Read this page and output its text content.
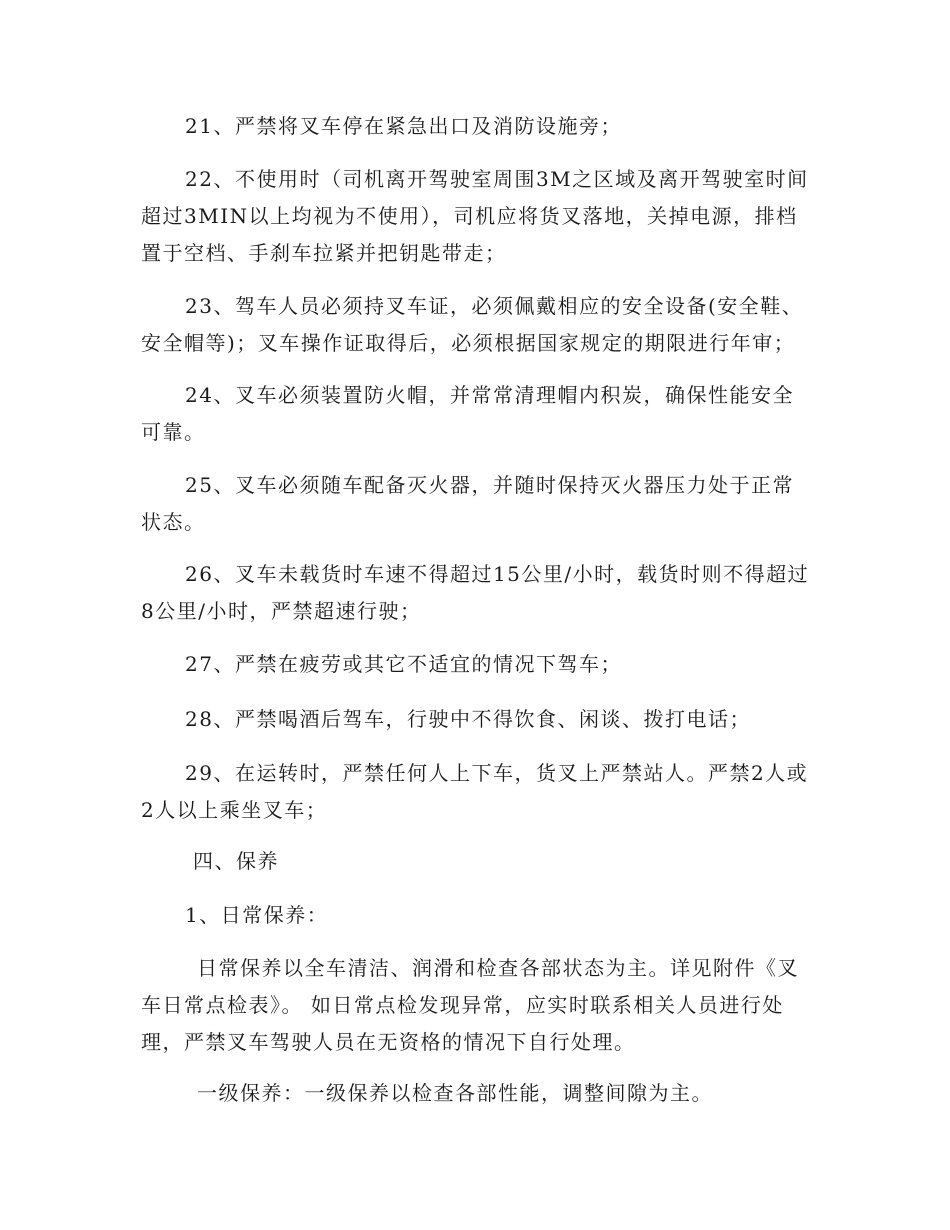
21、严禁将叉车停在紧急出口及消防设施旁；

22、不使用时（司机离开驾驶室周围3M之区域及离开驾驶室时间超过3MIN以上均视为不使用），司机应将货叉落地，关掉电源，排档置于空档、手刹车拉紧并把钥匙带走；

23、驾车人员必须持叉车证，必须佩戴相应的安全设备(安全鞋、安全帽等)；叉车操作证取得后，必须根据国家规定的期限进行年审；

24、叉车必须装置防火帽，并常常清理帽内积炭，确保性能安全可靠。

25、叉车必须随车配备灭火器，并随时保持灭火器压力处于正常状态。

26、叉车未载货时车速不得超过15公里/小时，载货时则不得超过8公里/小时，严禁超速行驶；

27、严禁在疲劳或其它不适宜的情况下驾车；

28、严禁喝酒后驾车，行驶中不得饮食、闲谈、拨打电话；

29、在运转时，严禁任何人上下车，货叉上严禁站人。严禁2人或2人以上乘坐叉车；

四、保养

1、日常保养：

日常保养以全车清洁、润滑和检查各部状态为主。详见附件《叉车日常点检表》。 如日常点检发现异常，应实时联系相关人员进行处理，严禁叉车驾驶人员在无资格的情况下自行处理。

一级保养：一级保养以检查各部性能，调整间隙为主。
